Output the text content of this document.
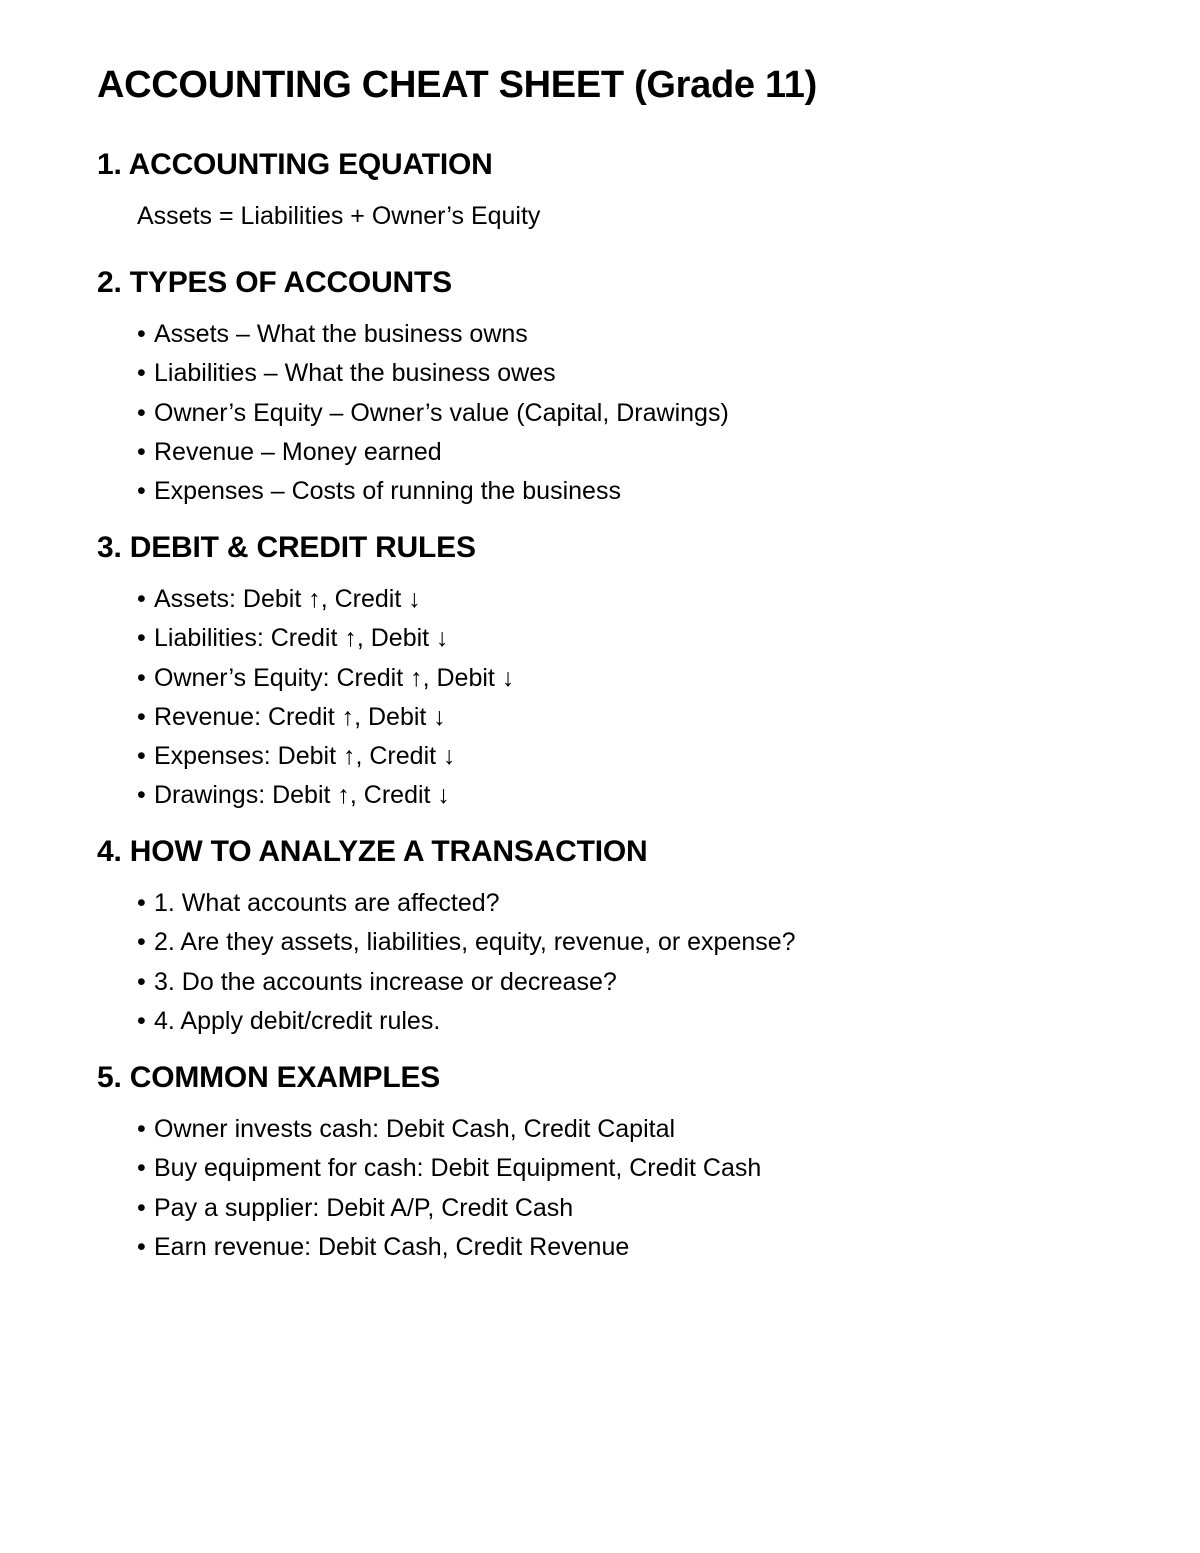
ACCOUNTING CHEAT SHEET (Grade 11)
1. ACCOUNTING EQUATION

Assets = Liabilities + Owner’s Equity

2. TYPES OF ACCOUNTS

• Assets – What the business owns

• Liabilities – What the business owes

• Owner’s Equity – Owner’s value (Capital, Drawings)

• Revenue – Money earned

• Expenses – Costs of running the business

3. DEBIT & CREDIT RULES

• Assets: Debit ↑, Credit ↓

• Liabilities: Credit ↑, Debit ↓

• Owner’s Equity: Credit ↑, Debit ↓

• Revenue: Credit ↑, Debit ↓

• Expenses: Debit ↑, Credit ↓

• Drawings: Debit ↑, Credit ↓

4. HOW TO ANALYZE A TRANSACTION

• 1. What accounts are affected?

• 2. Are they assets, liabilities, equity, revenue, or expense?

• 3. Do the accounts increase or decrease?

• 4. Apply debit/credit rules.

5. COMMON EXAMPLES

• Owner invests cash: Debit Cash, Credit Capital

• Buy equipment for cash: Debit Equipment, Credit Cash

• Pay a supplier: Debit A/P, Credit Cash

• Earn revenue: Debit Cash, Credit Revenue
